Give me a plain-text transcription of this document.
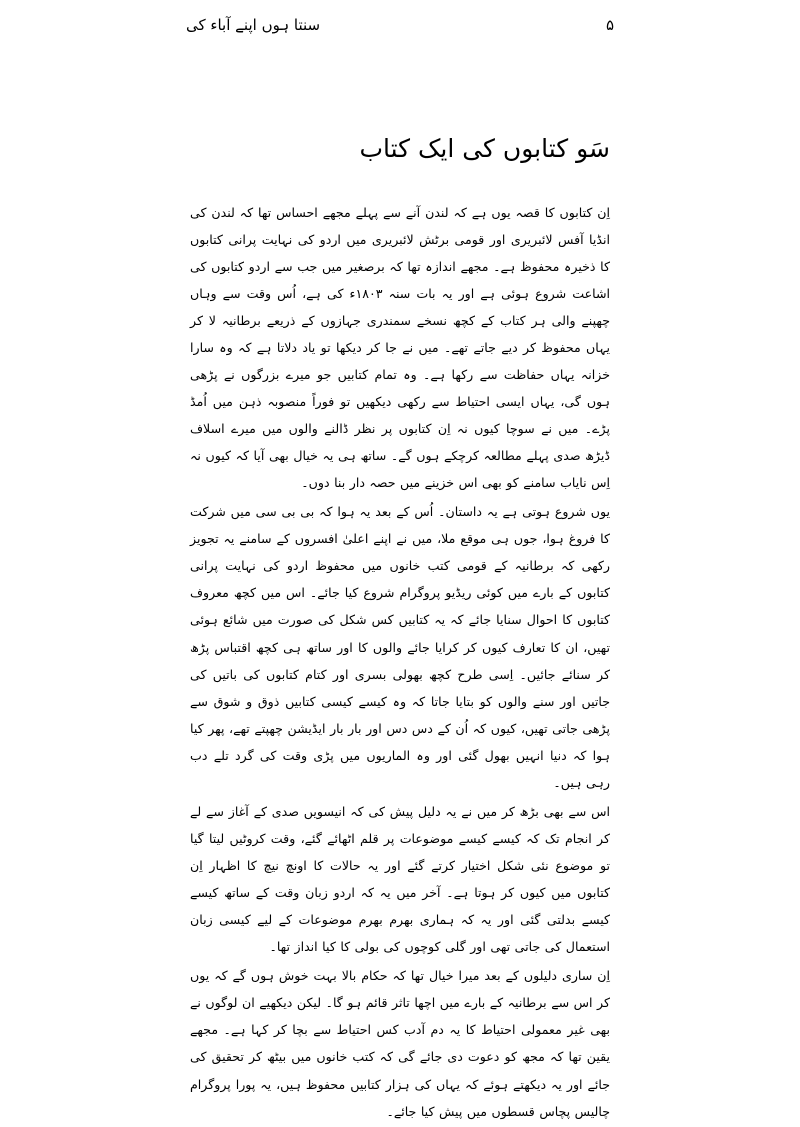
سنتا ہوں اپنے آباء کی	۵
سَو کتابوں کی ایک کتاب

اِن کتابوں کا قصہ یوں ہے کہ لندن آنے سے پہلے مجھے احساس تھا کہ لندن کی انڈیا آفس لائبریری اور قومی برٹش لائبریری میں اردو کی نہایت پرانی کتابوں کا ذخیرہ محفوظ ہے۔ مجھے اندازہ تھا کہ برصغیر میں جب سے اردو کتابوں کی اشاعت شروع ہوئی ہے اور یہ بات سنہ ۱۸۰۳ء کی ہے، اُس وقت سے وہاں چھپنے والی ہر کتاب کے کچھ نسخے سمندری جہازوں کے ذریعے برطانیہ لا کر یہاں محفوظ کر دیے جاتے تھے۔ میں نے جا کر دیکھا تو یاد دلاتا ہے کہ وہ سارا خزانہ یہاں حفاظت سے رکھا ہے۔ وہ تمام کتابیں جو میرے بزرگوں نے پڑھی ہوں گی، یہاں ایسی احتیاط سے رکھی دیکھیں تو فوراً منصوبہ ذہن میں اُمڈ پڑے۔ میں نے سوچا کیوں نہ اِن کتابوں پر نظر ڈالنے والوں میں میرے اسلاف ڈیڑھ صدی پہلے مطالعہ کرچکے ہوں گے۔ ساتھ ہی یہ خیال بھی آیا کہ کیوں نہ اِس نایاب سامنے کو بھی اس خزینے میں حصہ دار بنا دوں۔

یوں شروع ہوتی ہے یہ داستان۔ اُس کے بعد یہ ہوا کہ بی بی سی میں شرکت کا فروغ ہوا، جوں ہی موقع ملا، میں نے اپنے اعلیٰ افسروں کے سامنے یہ تجویز رکھی کہ برطانیہ کے قومی کتب خانوں میں محفوظ اردو کی نہایت پرانی کتابوں کے بارے میں کوئی ریڈیو پروگرام شروع کیا جائے۔ اس میں کچھ معروف کتابوں کا احوال سنایا جائے کہ یہ کتابیں کس شکل کی صورت میں شائع ہوئی تھیں، ان کا تعارف کیوں کر کرایا جائے والوں کا اور ساتھ ہی کچھ اقتباس پڑھ کر سنائے جائیں۔ اِسی طرح کچھ بھولی بسری اور کتام کتابوں کی باتیں کی جاتیں اور سنے والوں کو بتایا جاتا کہ وہ کیسے کیسی کتابیں ذوق و شوق سے پڑھی جاتی تھیں، کیوں کہ اُن کے دس دس اور بار بار ایڈیشن چھپتے تھے، پھر کیا ہوا کہ دنیا انہیں بھول گئی اور وہ الماریوں میں پڑی وقت کی گرد تلے دب رہی ہیں۔

اس سے بھی بڑھ کر میں نے یہ دلیل پیش کی کہ انیسویں صدی کے آغاز سے لے کر انجام تک کہ کیسے کیسے موضوعات پر قلم اٹھائے گئے، وقت کروٹیں لیتا گیا تو موضوع نئی شکل اختیار کرتے گئے اور یہ حالات کا اونچ نیچ کا اظہار اِن کتابوں میں کیوں کر ہوتا ہے۔ آخر میں یہ کہ اردو زبان وقت کے ساتھ کیسے کیسے بدلتی گئی اور یہ کہ ہماری بھرم بھرم موضوعات کے لیے کیسی زبان استعمال کی جاتی تھی اور گلی کوچوں کی بولی کا کیا انداز تھا۔

اِن ساری دلیلوں کے بعد میرا خیال تھا کہ حکام بالا بہت خوش ہوں گے کہ یوں کر اس سے برطانیہ کے بارے میں اچھا تاثر قائم ہو گا۔ لیکن دیکھیے ان لوگوں نے بھی غیر معمولی احتیاط کا یہ دم آدب کس احتیاط سے بچا کر کہا ہے۔ مجھے یقین تھا کہ مجھ کو دعوت دی جائے گی کہ کتب خانوں میں بیٹھ کر تحقیق کی جائے اور یہ دیکھتے ہوئے کہ یہاں کی ہزار کتابیں محفوظ ہیں، یہ پورا پروگرام چالیس پچاس قسطوں میں پیش کیا جائے۔
